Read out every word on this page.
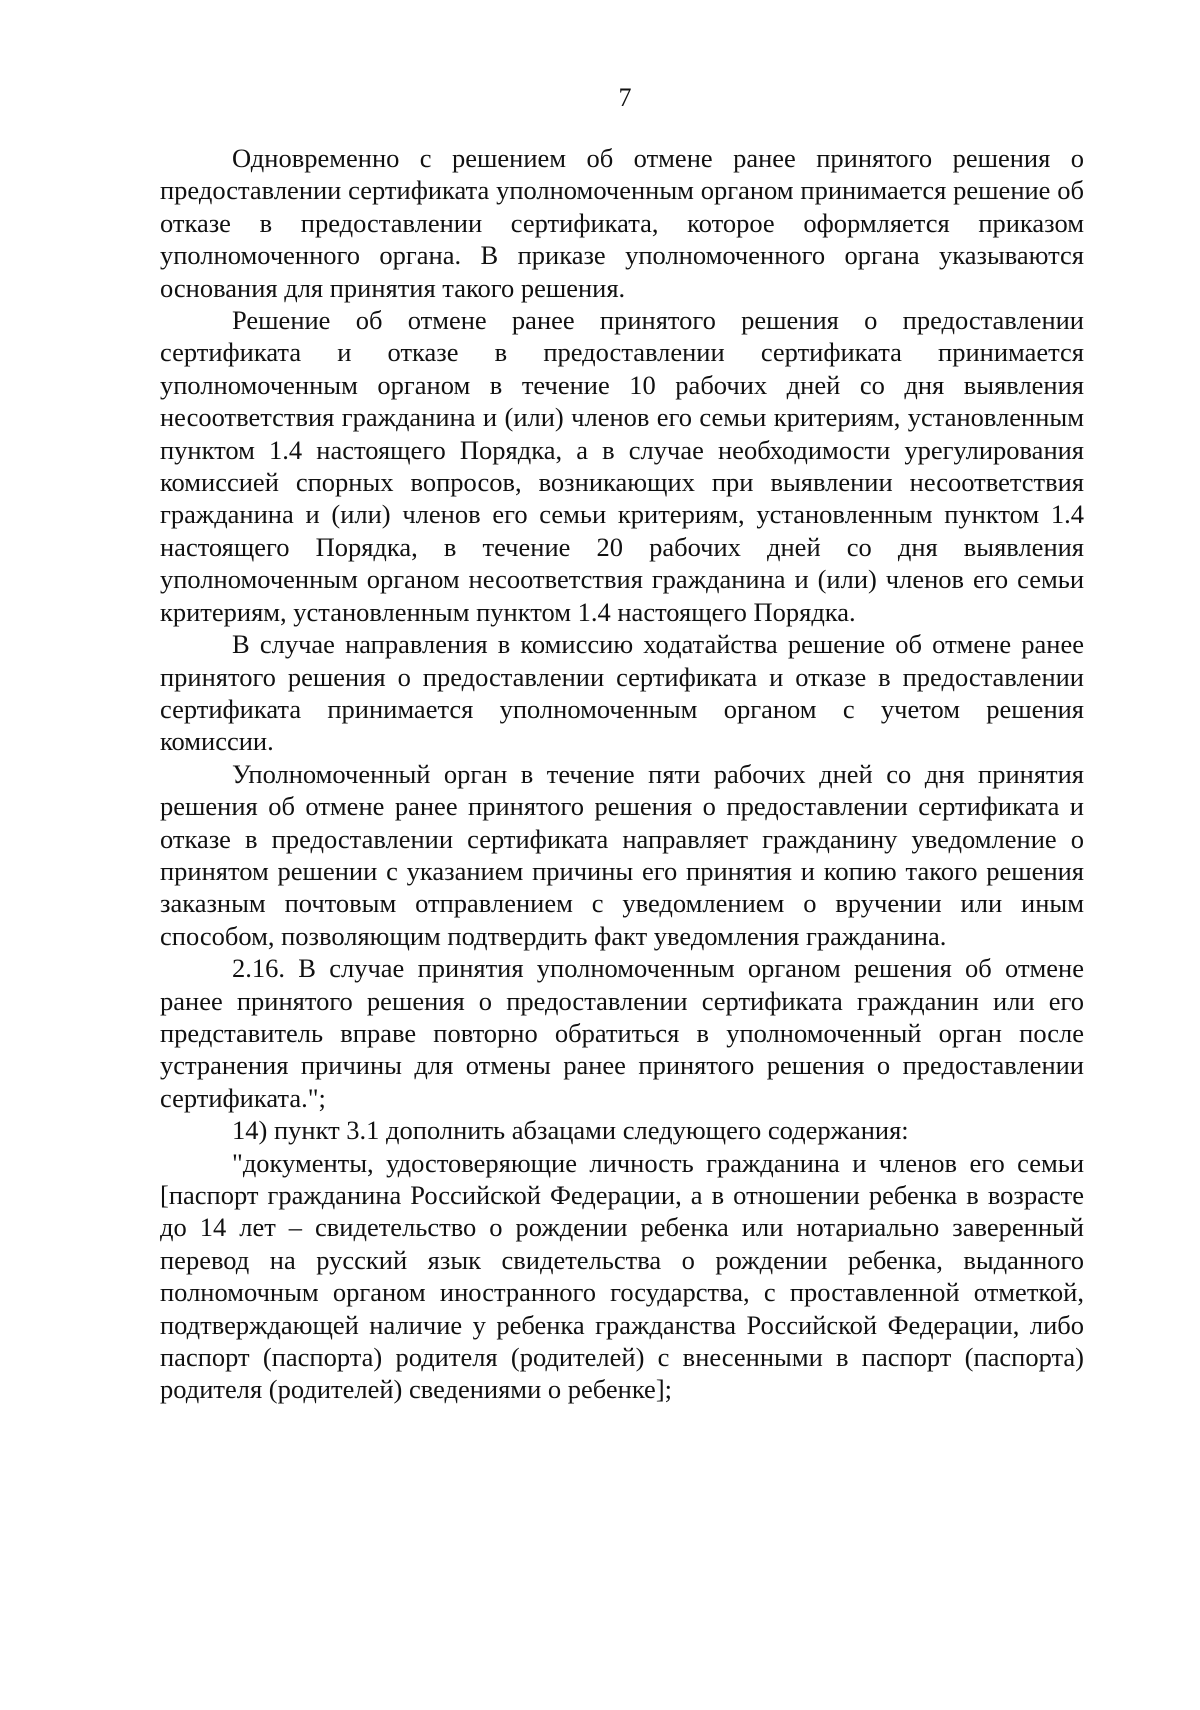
7

Одновременно с решением об отмене ранее принятого решения о предоставлении сертификата уполномоченным органом принимается решение об отказе в предоставлении сертификата, которое оформляется приказом уполномоченного органа. В приказе уполномоченного органа указываются основания для принятия такого решения.

Решение об отмене ранее принятого решения о предоставлении сертификата и отказе в предоставлении сертификата принимается уполномоченным органом в течение 10 рабочих дней со дня выявления несоответствия гражданина и (или) членов его семьи критериям, установленным пунктом 1.4 настоящего Порядка, а в случае необходимости урегулирования комиссией спорных вопросов, возникающих при выявлении несоответствия гражданина и (или) членов его семьи критериям, установленным пунктом 1.4 настоящего Порядка, в течение 20 рабочих дней со дня выявления уполномоченным органом несоответствия гражданина и (или) членов его семьи критериям, установленным пунктом 1.4 настоящего Порядка.

В случае направления в комиссию ходатайства решение об отмене ранее принятого решения о предоставлении сертификата и отказе в предоставлении сертификата принимается уполномоченным органом с учетом решения комиссии.

Уполномоченный орган в течение пяти рабочих дней со дня принятия решения об отмене ранее принятого решения о предоставлении сертификата и отказе в предоставлении сертификата направляет гражданину уведомление о принятом решении с указанием причины его принятия и копию такого решения заказным почтовым отправлением с уведомлением о вручении или иным способом, позволяющим подтвердить факт уведомления гражданина.

2.16. В случае принятия уполномоченным органом решения об отмене ранее принятого решения о предоставлении сертификата гражданин или его представитель вправе повторно обратиться в уполномоченный орган после устранения причины для отмены ранее принятого решения о предоставлении сертификата.";

14) пункт 3.1 дополнить абзацами следующего содержания:

"документы, удостоверяющие личность гражданина и членов его семьи [паспорт гражданина Российской Федерации, а в отношении ребенка в возрасте до 14 лет – свидетельство о рождении ребенка или нотариально заверенный перевод на русский язык свидетельства о рождении ребенка, выданного полномочным органом иностранного государства, с проставленной отметкой, подтверждающей наличие у ребенка гражданства Российской Федерации, либо паспорт (паспорта) родителя (родителей) с внесенными в паспорт (паспорта) родителя (родителей) сведениями о ребенке];
